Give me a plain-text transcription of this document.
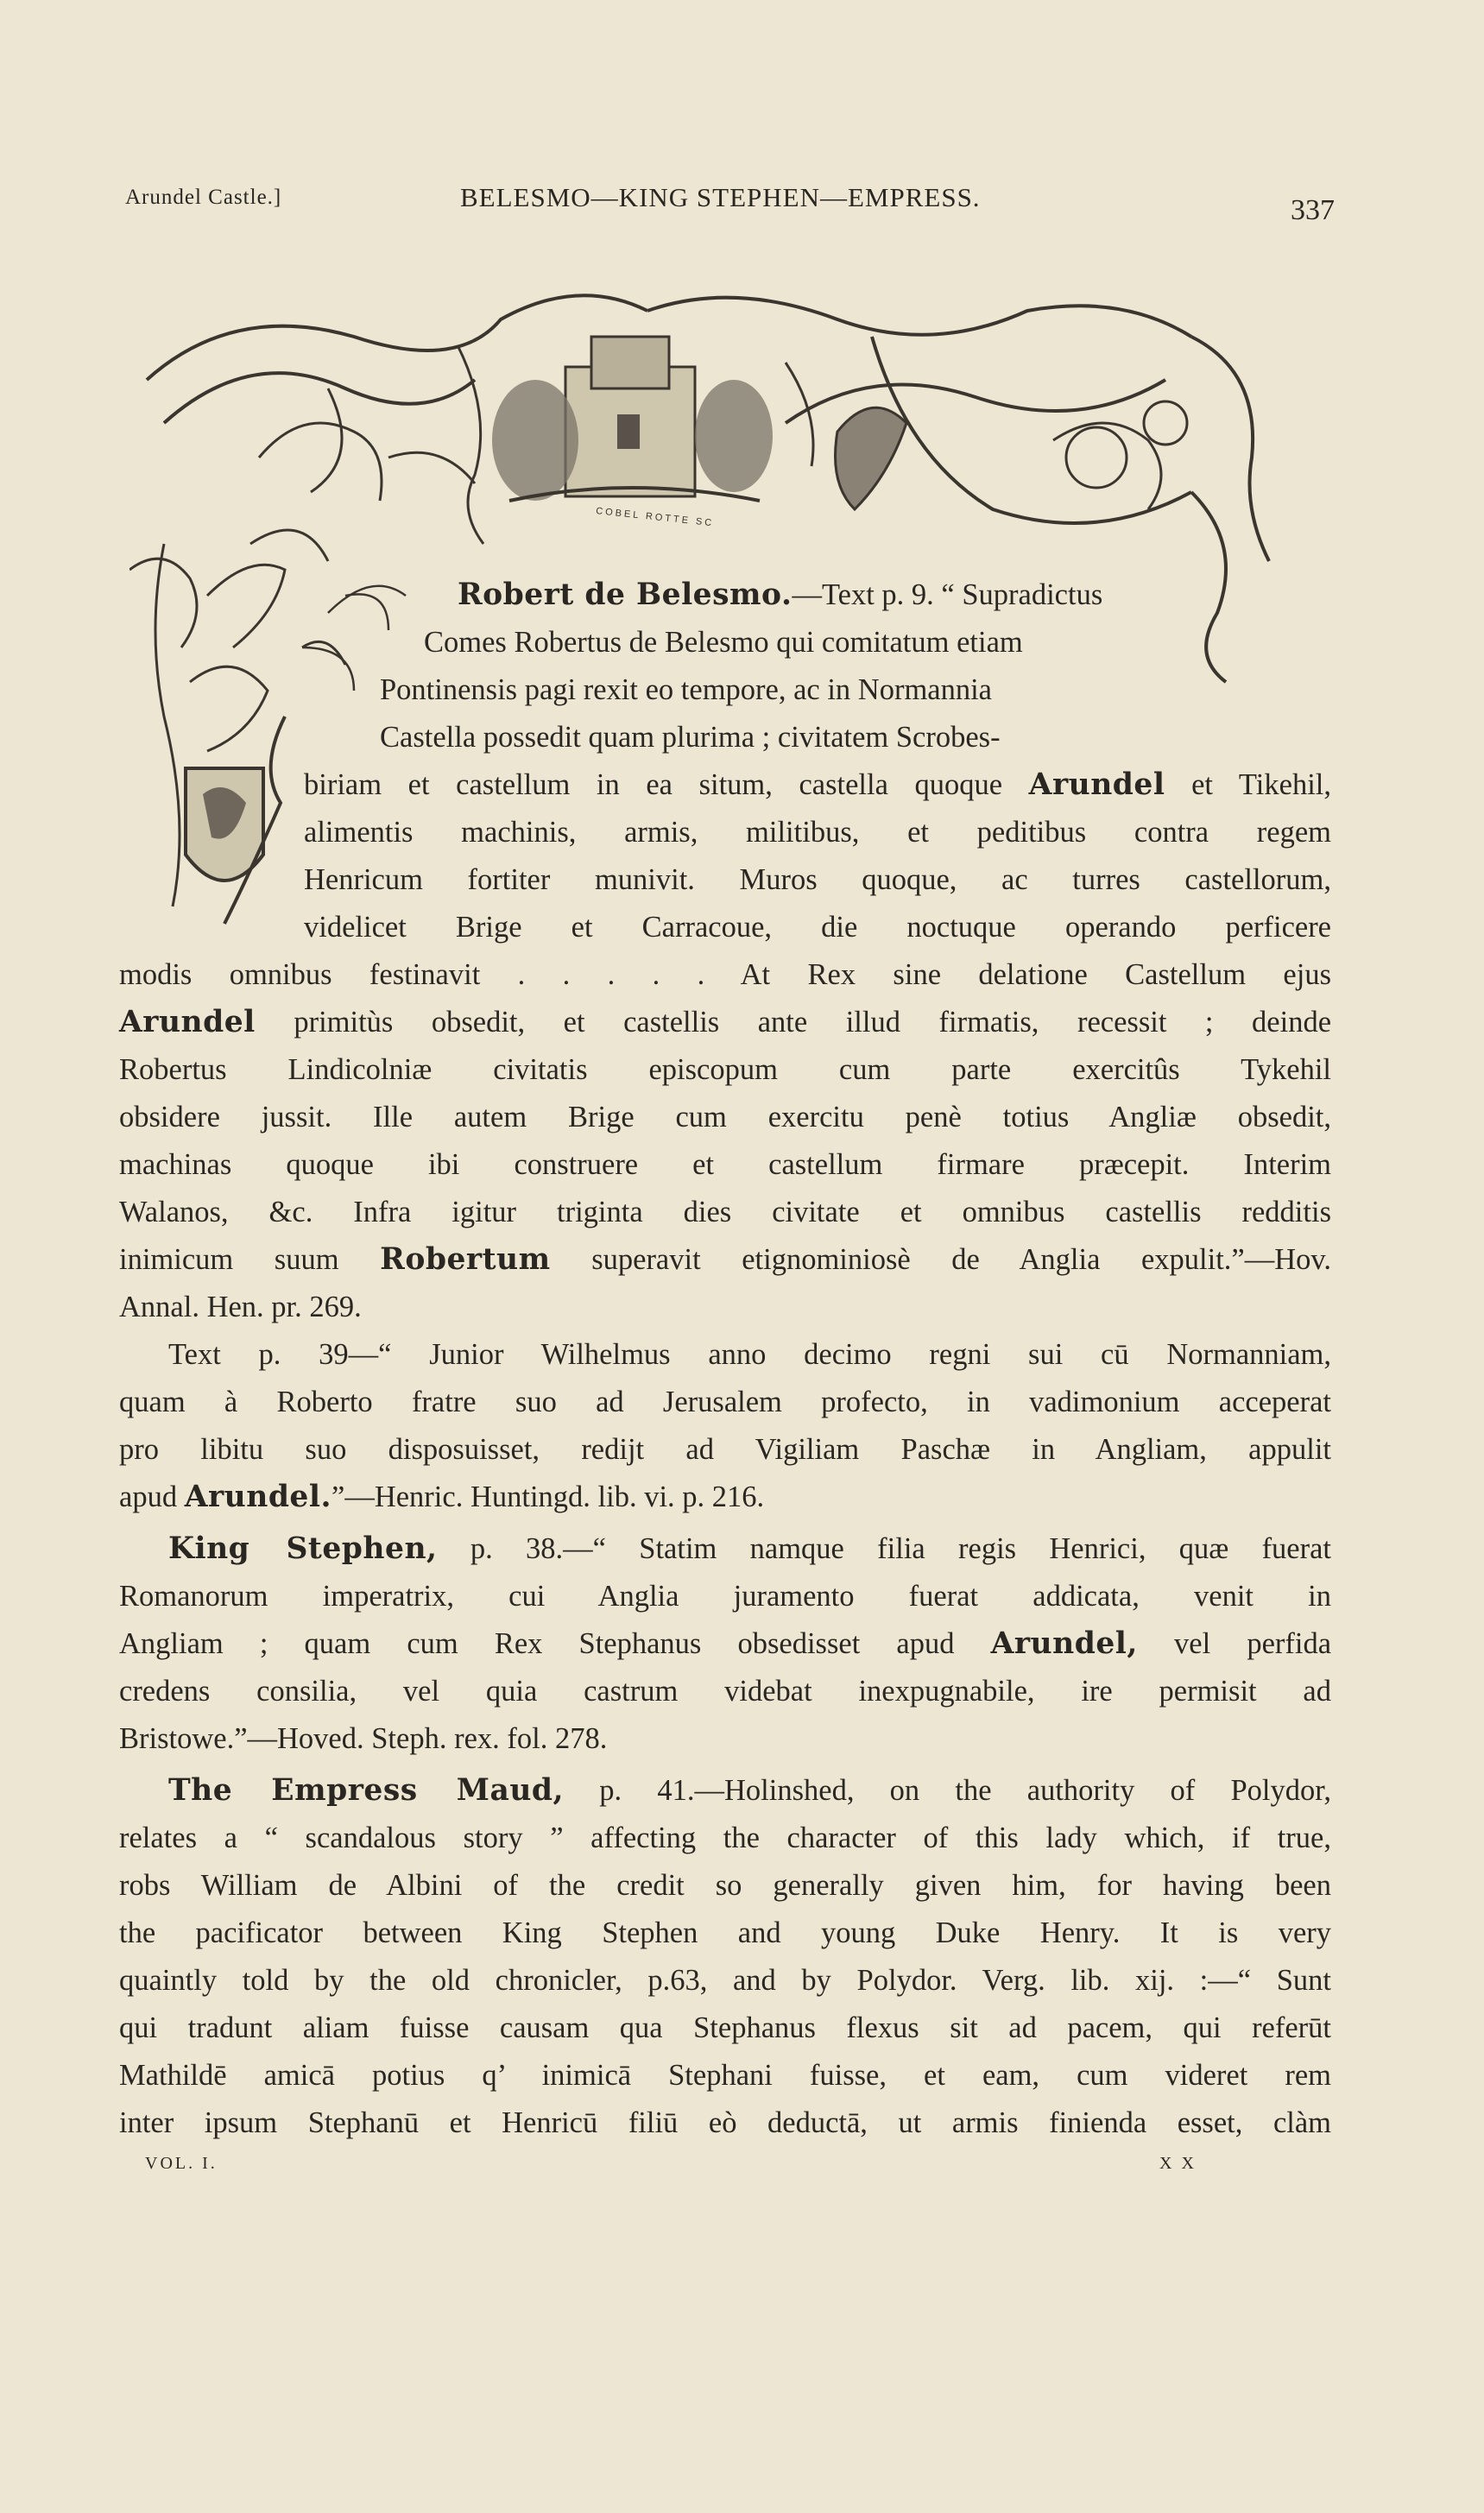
Arundel Castle.]	BELESMO—KING STEPHEN—EMPRESS.	337
COBEL ROTTE SC
Robert de Belesmo.—Text p. 9. “ Supradictus
Comes Robertus de Belesmo qui comitatum etiam
Pontinensis pagi rexit eo tempore, ac in Normannia
Castella possedit quam plurima ; civitatem Scrobes-
biriam et castellum in ea situm, castella quoque Arundel et Tikehil,
alimentis machinis, armis, militibus, et peditibus contra regem
Henricum fortiter munivit. Muros quoque, ac turres castellorum,
videlicet Brige et Carracoue, die noctuque operando perficere
modis omnibus festinavit . . . . . At Rex sine delatione Castellum ejus
Arundel primitùs obsedit, et castellis ante illud firmatis, recessit ; deinde
Robertus Lindicolniæ civitatis episcopum cum parte exercitûs Tykehil
obsidere jussit. Ille autem Brige cum exercitu penè totius Angliæ obsedit,
machinas quoque ibi construere et castellum firmare præcepit. Interim
Walanos, &c. Infra igitur triginta dies civitate et omnibus castellis redditis
inimicum suum Robertum superavit etignominiosè de Anglia expulit.”—Hov.
Annal. Hen. pr. 269.
Text p. 39—“ Junior Wilhelmus anno decimo regni sui cū Normanniam,
quam à Roberto fratre suo ad Jerusalem profecto, in vadimonium acceperat
pro libitu suo disposuisset, redijt ad Vigiliam Paschæ in Angliam, appulit
apud Arundel.”—Henric. Huntingd. lib. vi. p. 216.
King Stephen, p. 38.—“ Statim namque filia regis Henrici, quæ fuerat
Romanorum imperatrix, cui Anglia juramento fuerat addicata, venit in
Angliam ; quam cum Rex Stephanus obsedisset apud Arundel, vel perfida
credens consilia, vel quia castrum videbat inexpugnabile, ire permisit ad
Bristowe.”—Hoved. Steph. rex. fol. 278.
The Empress Maud, p. 41.—Holinshed, on the authority of Polydor,
relates a “ scandalous story ” affecting the character of this lady which, if true,
robs William de Albini of the credit so generally given him, for having been
the pacificator between King Stephen and young Duke Henry. It is very
quaintly told by the old chronicler, p.63, and by Polydor. Verg. lib. xij. :—“ Sunt
qui tradunt aliam fuisse causam qua Stephanus flexus sit ad pacem, qui referūt
Mathildē amicā potius q’ inimicā Stephani fuisse, et eam, cum videret rem
inter ipsum Stephanū et Henricū filiū eò deductā, ut armis finienda esset, clàm
VOL. I.	X X
